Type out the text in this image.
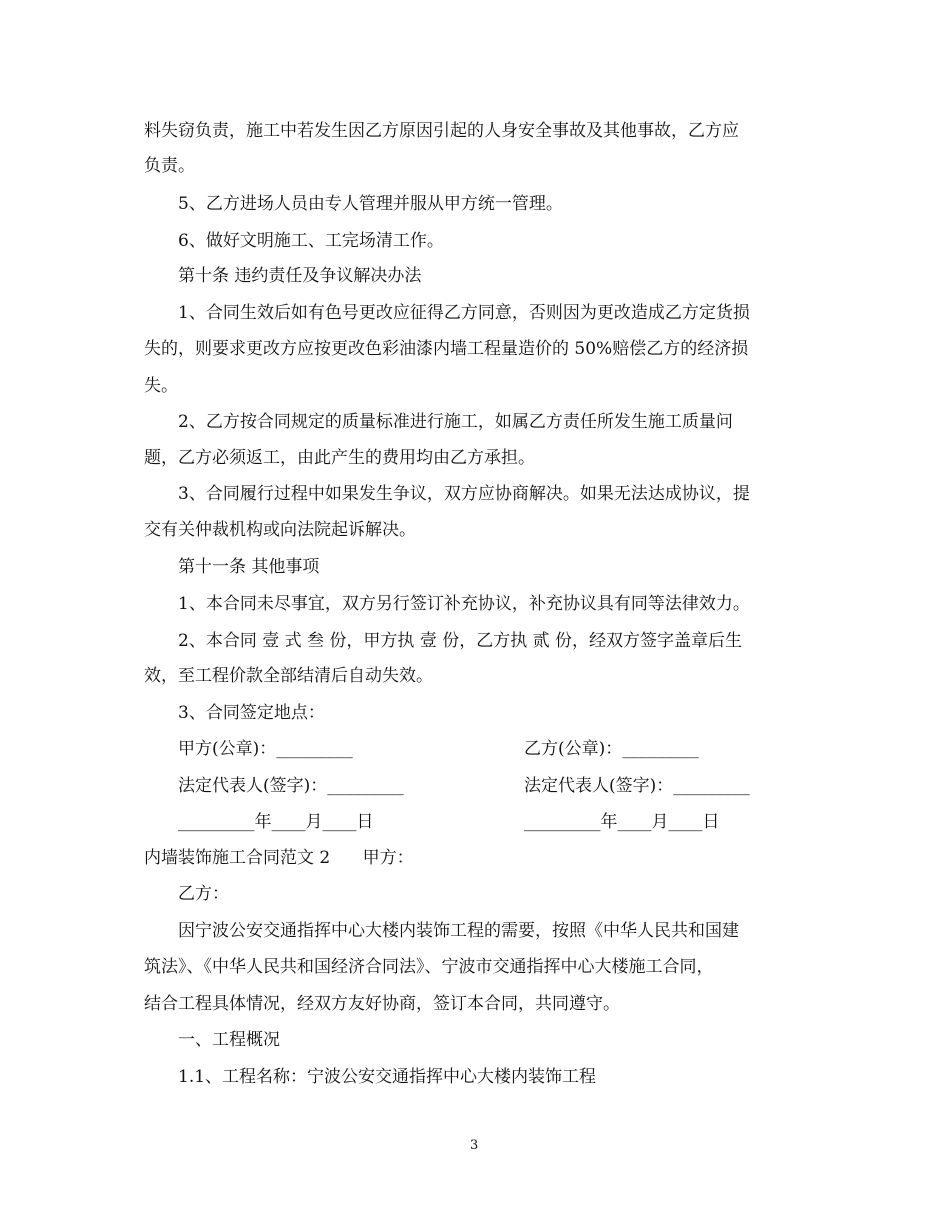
料失窃负责，施工中若发生因乙方原因引起的人身安全事故及其他事故，乙方应
负责。
5、乙方进场人员由专人管理并服从甲方统一管理。
6、做好文明施工、工完场清工作。
第十条 违约责任及争议解决办法
1、合同生效后如有色号更改应征得乙方同意，否则因为更改造成乙方定货损
失的，则要求更改方应按更改色彩油漆内墙工程量造价的 50%赔偿乙方的经济损
失。
2、乙方按合同规定的质量标准进行施工，如属乙方责任所发生施工质量问
题，乙方必须返工，由此产生的费用均由乙方承担。
3、合同履行过程中如果发生争议，双方应协商解决。如果无法达成协议，提
交有关仲裁机构或向法院起诉解决。
第十一条 其他事项
1、本合同未尽事宜，双方另行签订补充协议，补充协议具有同等法律效力。
2、本合同 壹 式 叁 份，甲方执 壹 份，乙方执 贰 份，经双方签字盖章后生
效，至工程价款全部结清后自动失效。
3、合同签定地点：
甲方(公章)：_________	乙方(公章)：_________
法定代表人(签字)：_________	法定代表人(签字)：_________
_________年____月____日	_________年____月____日
内墙装饰施工合同范文 2      甲方：
乙方：
因宁波公安交通指挥中心大楼内装饰工程的需要，按照《中华人民共和国建
筑法》、《中华人民共和国经济合同法》、宁波市交通指挥中心大楼施工合同，
结合工程具体情况，经双方友好协商，签订本合同，共同遵守。
一、工程概况
1.1、工程名称：宁波公安交通指挥中心大楼内装饰工程
3
